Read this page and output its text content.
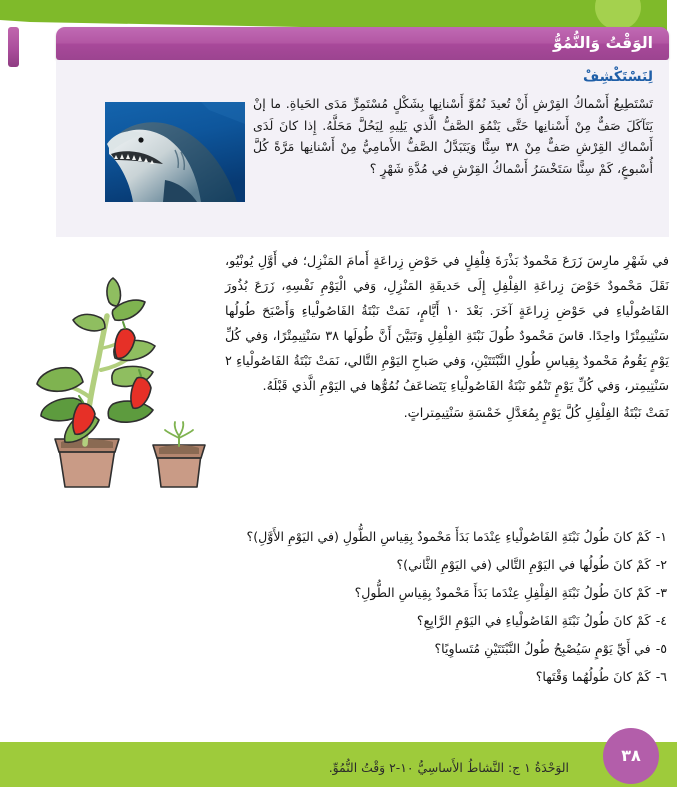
الوَقْتُ وَالنُّمُوُّ
لِنَسْتَكْشِفْ
تَسْتَطِيعُ أَسْماكُ القِرْشِ أَنْ تُعيدَ نُمُوَّ أَسْنانِها بِشَكْلٍ مُسْتَمِرٍّ مَدَى الحَياةِ. ما إنْ يَتَآكَلَ صَفٌّ مِنْ أَسْنانِها حَتَّى يَنْمُوَ الصَّفُّ الَّذي يَلِيهِ لِيَحُلَّ مَحَلَّهُ. إِذا كانَ لَدَى أَسْماكِ القِرْشِ صَفٌّ مِنْ ٣٨ سِنًّا وَيَتَبَدَّلُ الصَّفُّ الأَمامِيُّ مِنْ أَسْنانِها مَرَّةً كُلَّ أُسْبوعٍ، كَمْ سِنًّا سَتَخْسَرُ أَسْماكُ القِرْشِ في مُدَّةِ شَهْرٍ ؟
في شَهْرِ مارِسَ زَرَعَ مَحْمودٌ بَذْرَةَ فِلْفِلٍ في حَوْضِ زِراعَةٍ أَمامَ المَنْزِل؛ في أَوَّلِ يُونْيُو، نَقَلَ مَحْمودٌ حَوْضَ زِراعَةِ الفِلْفِلِ إِلَى حَديقَةِ المَنْزِلِ، وَفي الْيَوْمِ نَفْسِهِ، زَرَعَ بُذُورَ الفَاصُولْياءِ في حَوْضِ زِراعَةٍ آخَرَ. بَعْدَ ١٠ أَيَّامٍ، نَمَتْ نَبْتَةُ الفَاصُولْياءِ وَأَصْبَحَ طُولُها سَنْتِيمِتْرًا واحِدًا. قاسَ مَحْمودٌ طُولَ نَبْتَةِ الفِلْفِلِ وَتَبَيَّنَ أَنَّ طُولَها ٣٨ سَنْتِيمِتْرًا، وَفي كُلِّ يَوْمٍ يَقُومُ مَحْمودٌ بِقِياسِ طُولِ النَّبْتَتَيْنِ، وَفي صَباحِ اليَوْمِ التَّالي، نَمَتْ نَبْتَةُ الفَاصُولْياءِ ٢ سَنْتِيمِتر، وَفي كُلِّ يَوْمٍ تَنْمُو نَبْتَةُ الفَاصُولْياءِ يَتَضاعَفُ نُمُوُّها في اليَوْمِ الَّذي قَبْلَهُ.
نَمَتْ نَبْتَةُ الفِلْفِلِ كُلَّ يَوْمٍ بِمُعَدَّلِ خَمْسَةِ سَنْتِيمِتراتٍ.
١-كَمْ كانَ طُولُ نَبْتَةِ الفَاصُولْياءِ عِنْدَما بَدَأَ مَحْمودٌ بِقِياسِ الطُّولِ (في اليَوْمِ الأَوَّلِ)؟
٢-كَمْ كانَ طُولُها في اليَوْمِ التَّالي (في اليَوْمِ الثَّاني)؟
٣-كَمْ كانَ طُولُ نَبْتَةِ الفِلْفِلِ عِنْدَما بَدَأَ مَحْمودٌ بِقِياسِ الطُّولِ؟
٤-كَمْ كانَ طُولُ نَبْتَةِ الفَاصُولْياءِ في اليَوْمِ الرَّابِعِ؟
٥-في أَيِّ يَوْمٍ سَيُصْبِحُ طُولُ النَّبْتَتَيْنِ مُتَساوِيًا؟
٦-كَمْ كانَ طُولُهُما وَقْتَها؟
الوَحْدَةُ ١ ج: النَّشاطُ الأَساسِيُّ ١٠-٢ وَقْتُ النُّمُوِّ.
٣٨
